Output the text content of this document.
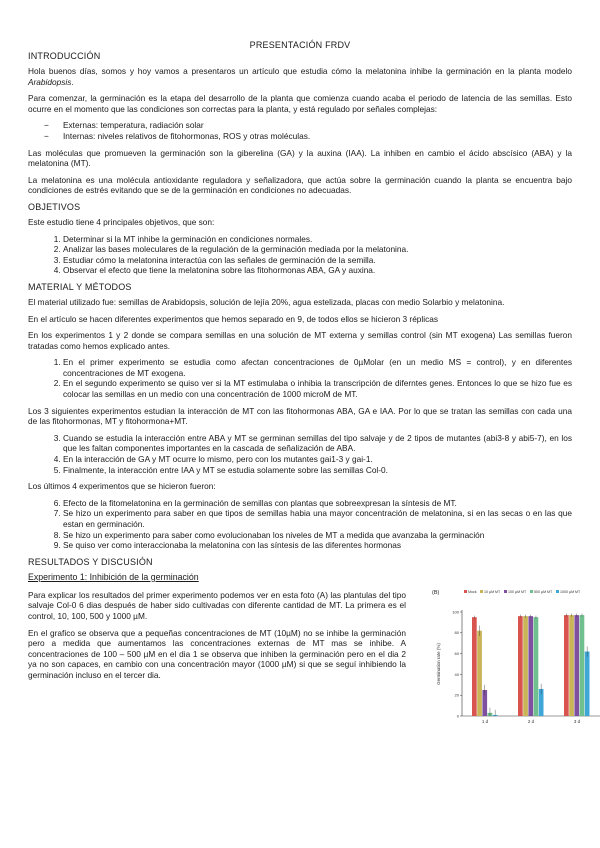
PRESENTACIÓN FRDV
INTRODUCCIÓN

Hola buenos días, somos y hoy vamos a presentaros un artículo que estudia cómo la melatonina inhibe la germinación en la planta modelo Arabidopsis.

Para comenzar, la germinación es la etapa del desarrollo de la planta que comienza cuando acaba el periodo de latencia de las semillas. Esto ocurre en el momento que las condiciones son correctas para la planta, y está regulado por señales complejas:

− Externas: temperatura, radiación solar
− Internas: niveles relativos de fitohormonas, ROS y otras moléculas.

Las moléculas que promueven la germinación son la giberelina (GA) y la auxina (IAA). La inhiben en cambio el ácido abscísico (ABA) y la melatonina (MT).

La melatonina es una molécula antioxidante reguladora y señalizadora, que actúa sobre la germinación cuando la planta se encuentra bajo condiciones de estrés evitando que se de la germinación en condiciones no adecuadas.

OBJETIVOS

Este estudio tiene 4 principales objetivos, que son:

1. Determinar si la MT inhibe la germinación en condiciones normales.
2. Analizar las bases moleculares de la regulación de la germinación mediada por la melatonina.
3. Estudiar cómo la melatonina interactúa con las señales de germinación de la semilla.
4. Observar el efecto que tiene la melatonina sobre las fitohormonas ABA, GA y auxina.
MATERIAL Y MÉTODOS

El material utilizado fue: semillas de Arabidopsis, solución de lejía 20%, agua estelizada, placas con medio Solarbio y melatonina.

En el artículo se hacen diferentes experimentos que hemos separado en 9, de todos ellos se hicieron 3 réplicas

En los experimentos 1 y 2 donde se compara semillas en una solución de MT externa y semillas control (sin MT exogena) Las semillas fueron tratadas como hemos explicado antes.

1. En el primer experimento se estudia como afectan concentraciones de 0µMolar (en un medio MS = control), y en diferentes concentraciones de MT exogena.
2. En el segundo experimento se quiso ver si la MT estimulaba o inhibia la transcripción de diferntes genes. Entonces lo que se hizo fue es colocar las semillas en un medio con una concentración de 1000 microM de MT.

Los 3 siguientes experimentos estudian la interacción de MT con las fitohormonas ABA, GA e IAA. Por lo que se tratan las semillas con cada una de las fitohormonas, MT y fitohormona+MT.

3. Cuando se estudia la interacción entre ABA y MT se germinan semillas del tipo salvaje y de 2 tipos de mutantes (abi3-8 y abi5-7), en los que les faltan componentes importantes en la cascada de señalización de ABA.
4. En la interacción de GA y MT ocurre lo mismo, pero con los mutantes gai1-3 y gai-1.
5. Finalmente, la interacción entre IAA y MT se estudia solamente sobre las semillas Col-0.

Los últimos 4 experimentos que se hicieron fueron:

6. Efecto de la fitomelatonina en la germinación de semillas con plantas que sobreexpresan la síntesis de MT.
7. Se hizo un experimento para saber en que tipos de semillas habia una mayor concentración de melatonina, si en las secas o en las que estan en germinación.
8. Se hizo un experimento para saber como evolucionaban los niveles de MT a medida que avanzaba la germinación
9. Se quiso ver como interaccionaba la melatonina con las síntesis de las diferentes hormonas
RESULTADOS Y DISCUSIÓN
Experimento 1: Inhibición de la germinación

Para explicar los resultados del primer experimento podemos ver en esta foto (A) las plantulas del tipo salvaje Col-0 6 dias después de haber sido cultivadas con diferente cantidad de MT. La primera es el control, 10, 100, 500 y 1000 µM.

En el grafico se observa que a pequeñas concentraciones de MT (10µM) no se inhibe la germinación pero a medida que aumentamos las concentraciones externas de MT mas se inhibe. A concentraciones de 100 – 500 µM en el dia 1 se observa que inhiben la germinación pero en el dia 2 ya no son capaces, en cambio con una concentración mayor (1000 µM) si que se seguí inhibiendo la germinación incluso en el tercer dia.

(B)	Mock 10 µM MT 100 µM MT 500 µM MT 1000 µM MT
0
20
40
60
80
100
Germination rate (%)
1 d	2 d	3 d
